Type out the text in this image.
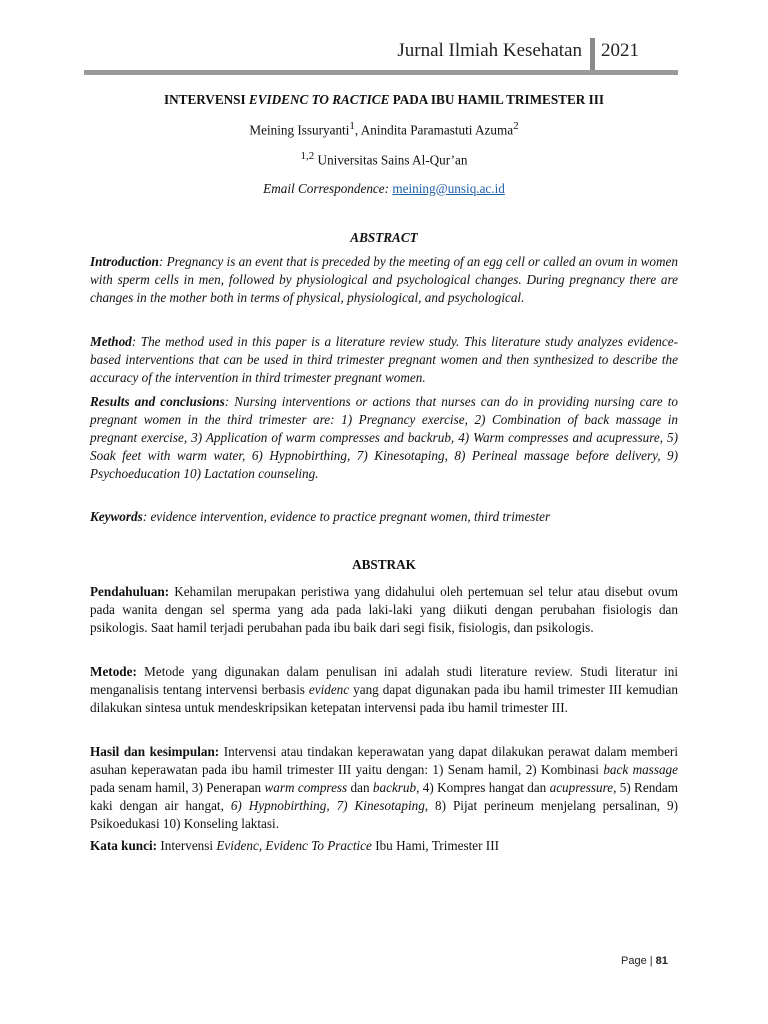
Jurnal Ilmiah Kesehatan 2021
INTERVENSI EVIDENC TO RACTICE PADA IBU HAMIL TRIMESTER III
Meining Issuryanti$^1$, Anindita Paramastuti Azuma$^2$
$^{1,2}$ Universitas Sains Al-Qur’an
Email Correspondence: meining@unsiq.ac.id
ABSTRACT
Introduction: Pregnancy is an event that is preceded by the meeting of an egg cell or called an ovum in women with sperm cells in men, followed by physiological and psychological changes. During pregnancy there are changes in the mother both in terms of physical, physiological, and psychological.
Method: The method used in this paper is a literature review study. This literature study analyzes evidence-based interventions that can be used in third trimester pregnant women and then synthesized to describe the accuracy of the intervention in third trimester pregnant women.
Results and conclusions: Nursing interventions or actions that nurses can do in providing nursing care to pregnant women in the third trimester are: 1) Pregnancy exercise, 2) Combination of back massage in pregnant exercise, 3) Application of warm compresses and backrub, 4) Warm compresses and acupressure, 5) Soak feet with warm water, 6) Hypnobirthing, 7) Kinesotaping, 8) Perineal massage before delivery, 9) Psychoeducation 10) Lactation counseling.
Keywords: evidence intervention, evidence to practice pregnant women, third trimester
ABSTRAK
Pendahuluan: Kehamilan merupakan peristiwa yang didahului oleh pertemuan sel telur atau disebut ovum pada wanita dengan sel sperma yang ada pada laki-laki yang diikuti dengan perubahan fisiologis dan psikologis. Saat hamil terjadi perubahan pada ibu baik dari segi fisik, fisiologis, dan psikologis.
Metode: Metode yang digunakan dalam penulisan ini adalah studi literature review. Studi literatur ini menganalisis tentang intervensi berbasis evidenc yang dapat digunakan pada ibu hamil trimester III kemudian dilakukan sintesa untuk mendeskripsikan ketepatan intervensi pada ibu hamil trimester III.
Hasil dan kesimpulan: Intervensi atau tindakan keperawatan yang dapat dilakukan perawat dalam memberi asuhan keperawatan pada ibu hamil trimester III yaitu dengan: 1) Senam hamil, 2) Kombinasi back massage pada senam hamil, 3) Penerapan warm compress dan backrub, 4) Kompres hangat dan acupressure, 5) Rendam kaki dengan air hangat, 6) Hypnobirthing, 7) Kinesotaping, 8) Pijat perineum menjelang persalinan, 9) Psikoedukasi 10) Konseling laktasi.
Kata kunci: Intervensi Evidenc, Evidenc To Practice Ibu Hami, Trimester III
Page | 81
